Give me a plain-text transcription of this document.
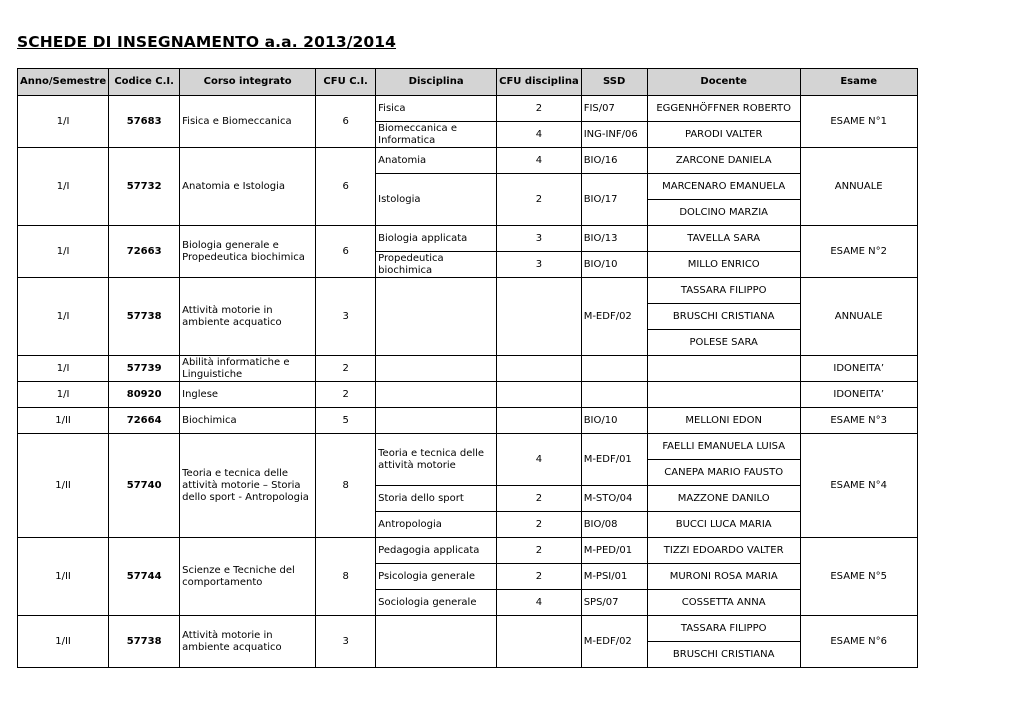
SCHEDE DI INSEGNAMENTO a.a. 2013/2014
Anno/Semestre	Codice C.I.	Corso integrato	CFU C.I.	Disciplina	CFU disciplina	SSD	Docente	Esame
1/I	57683	Fisica e Biomeccanica	6	Fisica	2	FIS/07	EGGENHÖFFNER ROBERTO	ESAME N°1
				Biomeccanica e Informatica	4	ING-INF/06	PARODI VALTER	
1/I	57732	Anatomia e Istologia	6	Anatomia	4	BIO/16	ZARCONE DANIELA	ANNUALE
				Istologia	2	BIO/17	MARCENARO EMANUELA	
							DOLCINO MARZIA	
1/I	72663	Biologia generale e Propedeutica biochimica	6	Biologia applicata	3	BIO/13	TAVELLA SARA	ESAME N°2
				Propedeutica biochimica	3	BIO/10	MILLO ENRICO	
1/I	57738	Attività motorie in ambiente acquatico	3			M-EDF/02	TASSARA FILIPPO	ANNUALE
							BRUSCHI CRISTIANA	
							POLESE SARA	
1/I	57739	Abilità informatiche e Linguistiche	2					IDONEITA’
1/I	80920	Inglese	2					IDONEITA’
1/II	72664	Biochimica	5			BIO/10	MELLONI EDON	ESAME N°3
1/II	57740	Teoria e tecnica delle attività motorie – Storia dello sport - Antropologia	8	Teoria e tecnica delle attività motorie	4	M-EDF/01	FAELLI EMANUELA LUISA	ESAME N°4
							CANEPA MARIO FAUSTO	
				Storia dello sport	2	M-STO/04	MAZZONE DANILO	
				Antropologia	2	BIO/08	BUCCI LUCA MARIA	
1/II	57744	Scienze e Tecniche del comportamento	8	Pedagogia applicata	2	M-PED/01	TIZZI EDOARDO VALTER	ESAME N°5
				Psicologia generale	2	M-PSI/01	MURONI ROSA MARIA	
				Sociologia generale	4	SPS/07	COSSETTA ANNA	
1/II	57738	Attività motorie in ambiente acquatico	3			M-EDF/02	TASSARA FILIPPO	ESAME N°6
							BRUSCHI CRISTIANA	
